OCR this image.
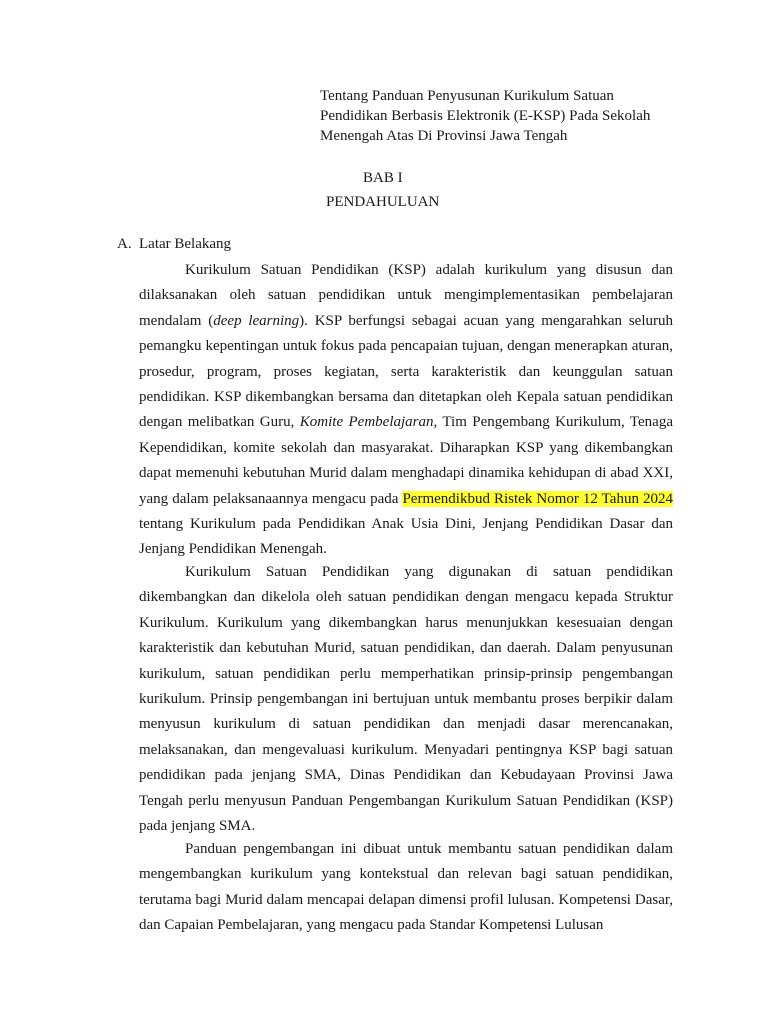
Tentang Panduan Penyusunan Kurikulum Satuan
Pendidikan Berbasis Elektronik (E-KSP) Pada Sekolah
Menengah Atas Di Provinsi Jawa Tengah
BAB I
PENDAHULUAN
A. Latar Belakang

Kurikulum Satuan Pendidikan (KSP) adalah kurikulum yang disusun dan dilaksanakan oleh satuan pendidikan untuk mengimplementasikan pembelajaran mendalam (deep learning). KSP berfungsi sebagai acuan yang mengarahkan seluruh pemangku kepentingan untuk fokus pada pencapaian tujuan, dengan menerapkan aturan, prosedur, program, proses kegiatan, serta karakteristik dan keunggulan satuan pendidikan. KSP dikembangkan bersama dan ditetapkan oleh Kepala satuan pendidikan dengan melibatkan Guru, Komite Pembelajaran, Tim Pengembang Kurikulum, Tenaga Kependidikan, komite sekolah dan masyarakat. Diharapkan KSP yang dikembangkan dapat memenuhi kebutuhan Murid dalam menghadapi dinamika kehidupan di abad XXI, yang dalam pelaksanaannya mengacu pada Permendikbud Ristek Nomor 12 Tahun 2024 tentang Kurikulum pada Pendidikan Anak Usia Dini, Jenjang Pendidikan Dasar dan Jenjang Pendidikan Menengah.

Kurikulum Satuan Pendidikan yang digunakan di satuan pendidikan dikembangkan dan dikelola oleh satuan pendidikan dengan mengacu kepada Struktur Kurikulum. Kurikulum yang dikembangkan harus menunjukkan kesesuaian dengan karakteristik dan kebutuhan Murid, satuan pendidikan, dan daerah. Dalam penyusunan kurikulum, satuan pendidikan perlu memperhatikan prinsip-prinsip pengembangan kurikulum. Prinsip pengembangan ini bertujuan untuk membantu proses berpikir dalam menyusun kurikulum di satuan pendidikan dan menjadi dasar merencanakan, melaksanakan, dan mengevaluasi kurikulum. Menyadari pentingnya KSP bagi satuan pendidikan pada jenjang SMA, Dinas Pendidikan dan Kebudayaan Provinsi Jawa Tengah perlu menyusun Panduan Pengembangan Kurikulum Satuan Pendidikan (KSP) pada jenjang SMA.

Panduan pengembangan ini dibuat untuk membantu satuan pendidikan dalam mengembangkan kurikulum yang kontekstual dan relevan bagi satuan pendidikan, terutama bagi Murid dalam mencapai delapan dimensi profil lulusan. Kompetensi Dasar, dan Capaian Pembelajaran, yang mengacu pada Standar Kompetensi Lulusan
